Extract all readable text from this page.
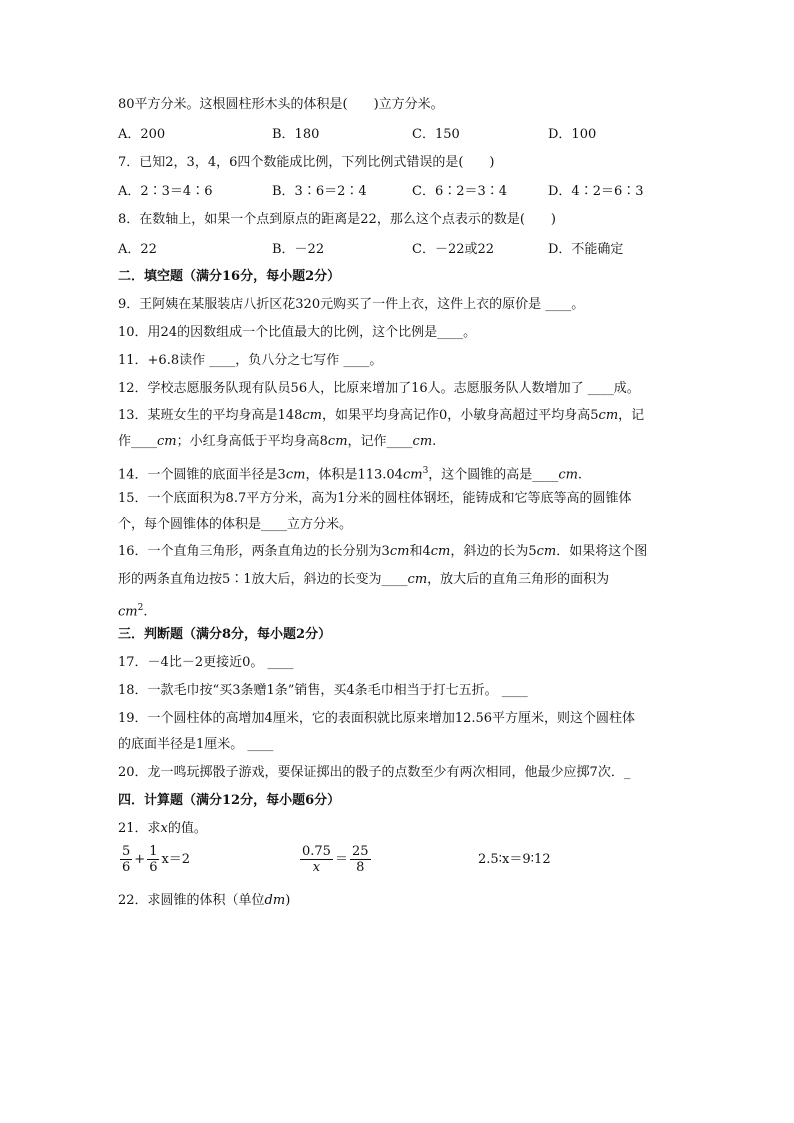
80平方分米。这根圆柱形木头的体积是(　　)立方分米。
A．200	B．180	C．150	D．100
7．已知2，3，4，6四个数能成比例，下列比例式错误的是(　　)
A．2∶3＝4∶6	B．3∶6＝2∶4	C．6∶2＝3∶4	D．4∶2＝6∶3
8．在数轴上，如果一个点到原点的距离是22，那么这个点表示的数是(　　)
A．22	B．－22	C．－22或22	D．不能确定
二．填空题（满分16分，每小题2分）
9．王阿姨在某服装店八折区花320元购买了一件上衣，这件上衣的原价是 ____。
10．用24的因数组成一个比值最大的比例，这个比例是____。
11．+6.8读作 ____，负八分之七写作 ____。
12．学校志愿服务队现有队员56人，比原来增加了16人。志愿服务队人数增加了 ____成。
13．某班女生的平均身高是148cm，如果平均身高记作0，小敏身高超过平均身高5cm，记
作____cm；小红身高低于平均身高8cm，记作____cm.
14．一个圆锥的底面半径是3cm，体积是$113.04cm^3$，这个圆锥的高是____cm.
15．一个底面积为8.7平方分米，高为1分米的圆柱体钢坯，能铸成和它等底等高的圆锥体
个，每个圆锥体的体积是____立方分米。
16．一个直角三角形，两条直角边的长分别为3cm和4cm，斜边的长为5cm．如果将这个图
形的两条直角边按5∶1放大后，斜边的长变为____cm，放大后的直角三角形的面积为
$cm^2$.
三．判断题（满分8分，每小题2分）
17．－4比－2更接近0。 ____
18．一款毛巾按“买3条赠1条”销售，买4条毛巾相当于打七五折。 ____
19．一个圆柱体的高增加4厘米，它的表面积就比原来增加12.56平方厘米，则这个圆柱体
的底面半径是1厘米。 ____
20．龙一鸣玩掷骰子游戏，要保证掷出的骰子的点数至少有两次相同，他最少应掷7次．_
四．计算题（满分12分，每小题6分）
21．求x的值。
$\frac{5}{6} + \frac{1}{6} x=2$	$\frac{0.75}{x} = \frac{25}{8}$	2.5∶x＝9∶12
22．求圆锥的体积（单位dm)
